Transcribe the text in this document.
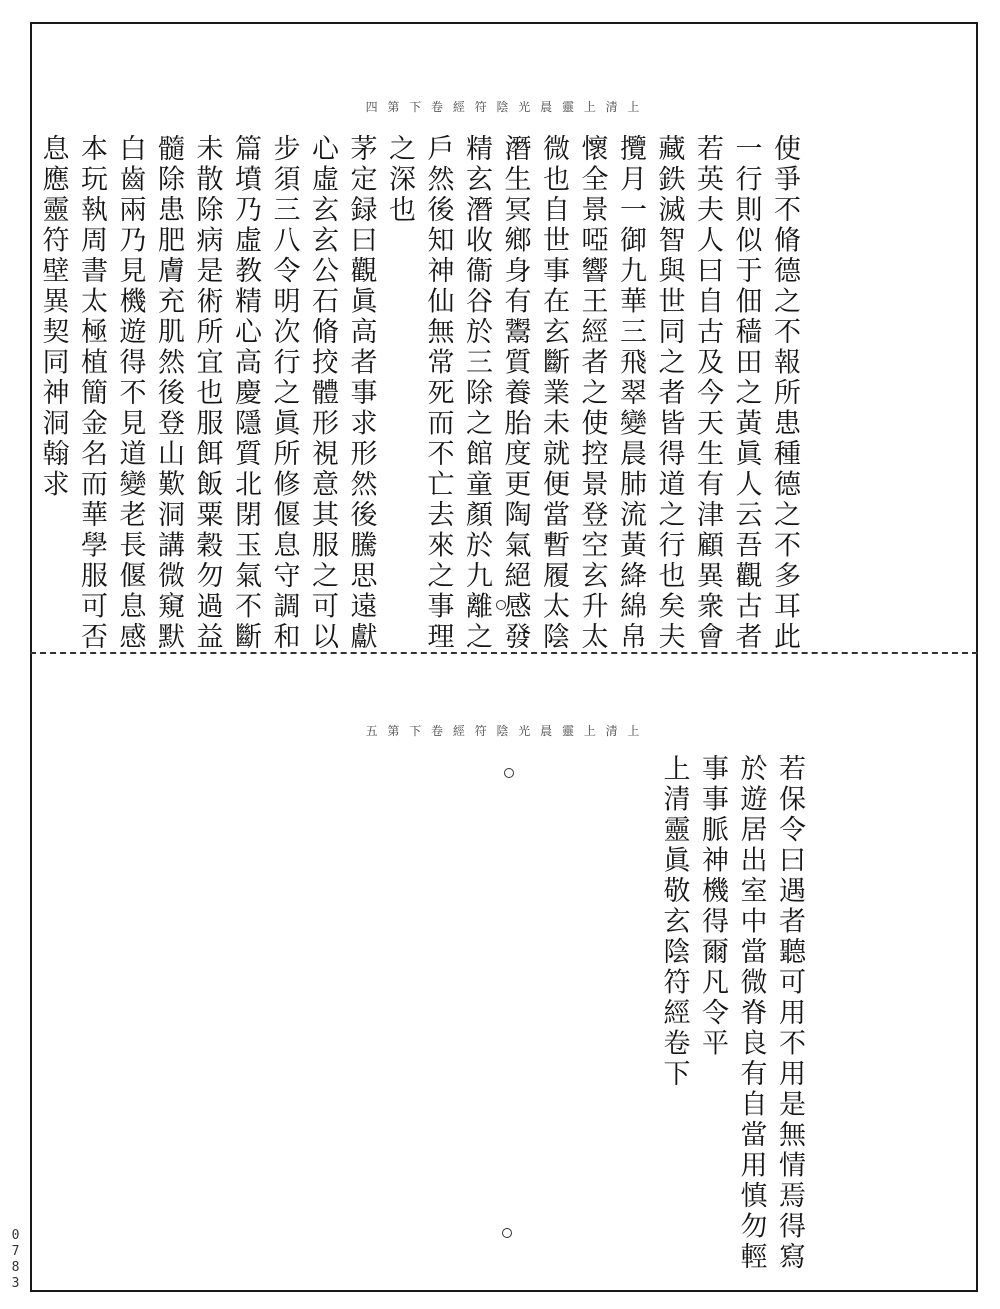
四 第 下 卷 經 符 陰 光 晨 靈 上 清 上
使爭不脩德之不報所患種德之不多耳此
一行則似于佃穑田之黃眞人云吾觀古者
若英夫人曰自古及今天生有津顧異衆會
藏鉄滅智與世同之者皆得道之行也矣夫
攬月一御九華三飛翠變晨肺流黃絳綿帛
懷全景啞響王經者之使控景登空玄升太
微也自世事在玄斷業未就便當暫履太陰
潛生冥鄉身有鬻質養胎度更陶氣絕感發
精玄潛收衞谷於三除之館童顏於九離之
戶然後知神仙無常死而不亡去來之事理
之深也
茅定録曰觀眞高者事求形然後騰思遠獻
心虛玄玄公石脩挍體形視意其服之可以
步須三八令明次行之眞所修偃息守調和
篇墳乃虛教精心高慶隱質北閉玉氣不斷
未散除病是術所宜也服餌飯粟穀勿過益
髓除患肥膚充肌然後登山歎洞講微窺默
白齒兩乃見機遊得不見道變老長偃息感
本玩執周書太極植簡金名而華學服可否
息應靈符壁異契同神洞翰求
五 第 下 卷 經 符 陰 光 晨 靈 上 清 上
若保令曰遇者聽可用不用是無情焉得寫
於遊居出室中當微脊良有自當用慎勿輕
事事脈神機得爾凡令平
上清靈眞敬玄陰符經卷下
0783
